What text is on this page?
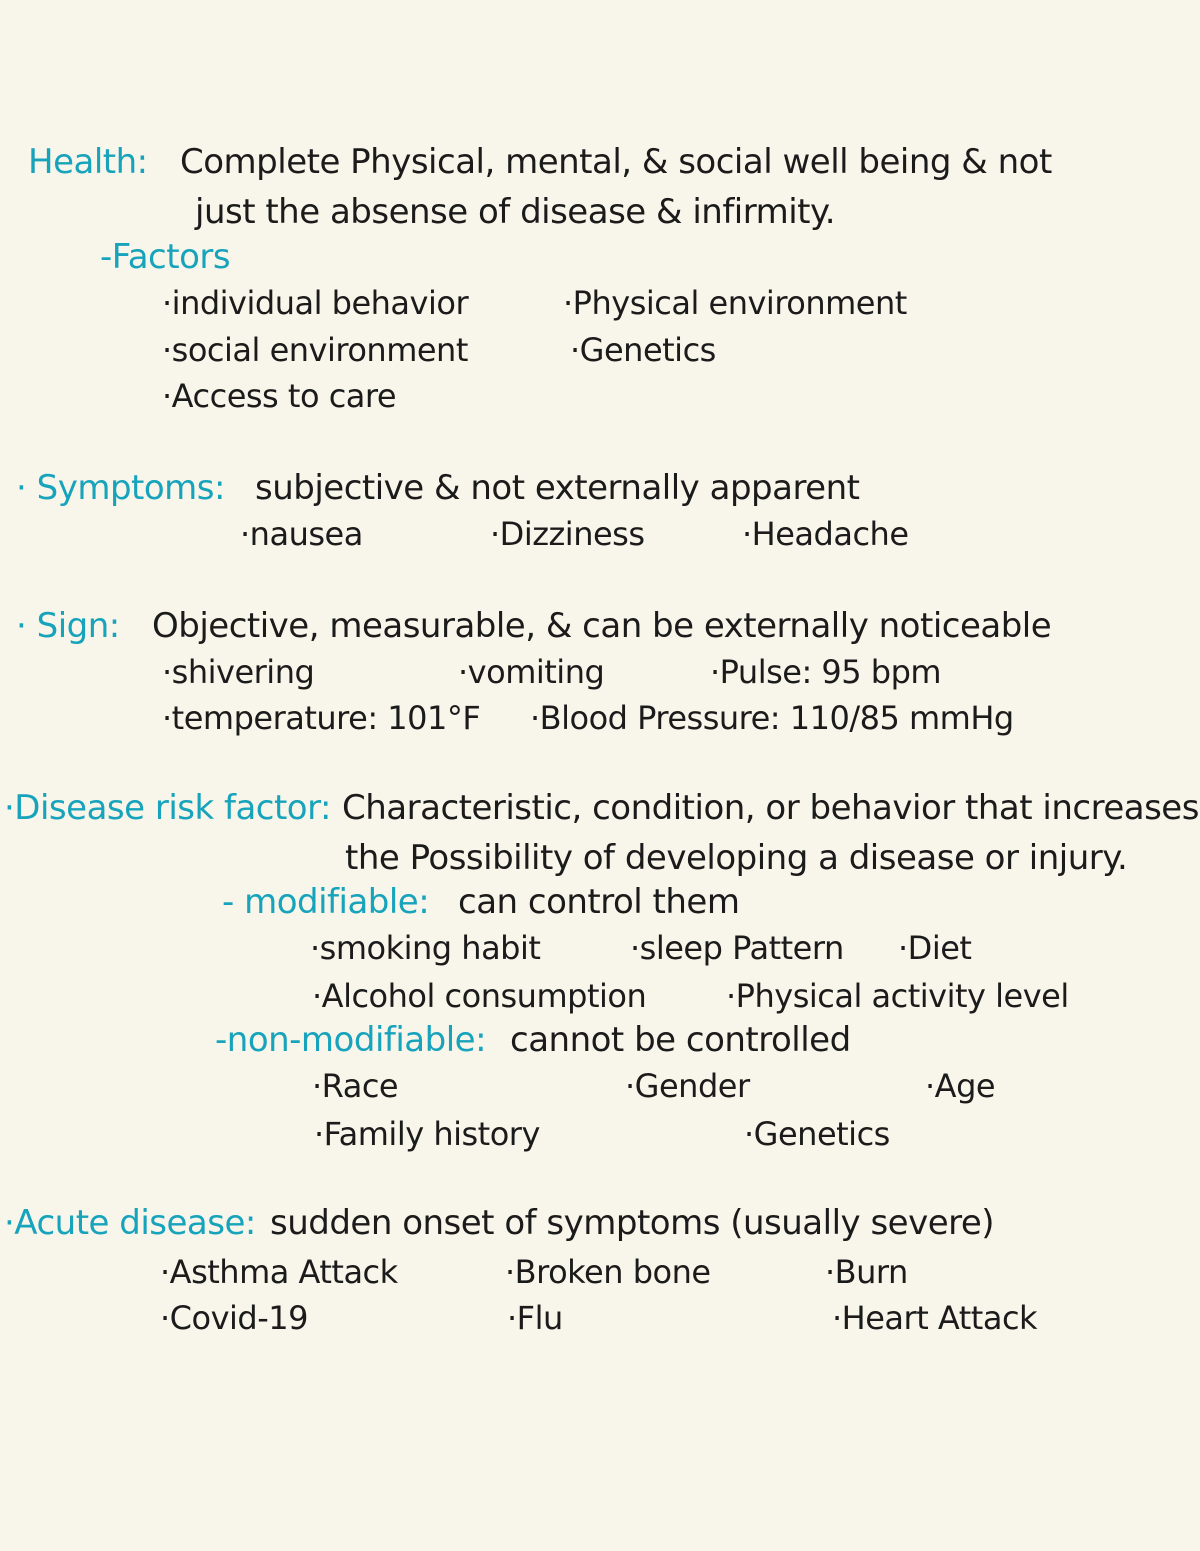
Health: Complete Physical, mental, & social well being & not
just the absense of disease & infirmity.
-Factors
·individual behavior	·Physical environment
·social environment	·Genetics
·Access to care
· Symptoms: subjective & not externally apparent
·nausea	·Dizziness	·Headache
· Sign: Objective, measurable, & can be externally noticeable
·shivering	·vomiting	·Pulse: 95 bpm
·temperature: 101°F ·Blood Pressure: 110/85 mmHg
·Disease risk factor: Characteristic, condition, or behavior that increases
the Possibility of developing a disease or injury.
- modifiable: can control them
·smoking habit	·sleep Pattern ·Diet
·Alcohol consumption ·Physical activity level
-non-modifiable: cannot be controlled
·Race	·Gender	·Age
·Family history	·Genetics
·Acute disease: sudden onset of symptoms (usually severe)
·Asthma Attack	·Broken bone	·Burn
·Covid-19	·Flu	·Heart Attack
